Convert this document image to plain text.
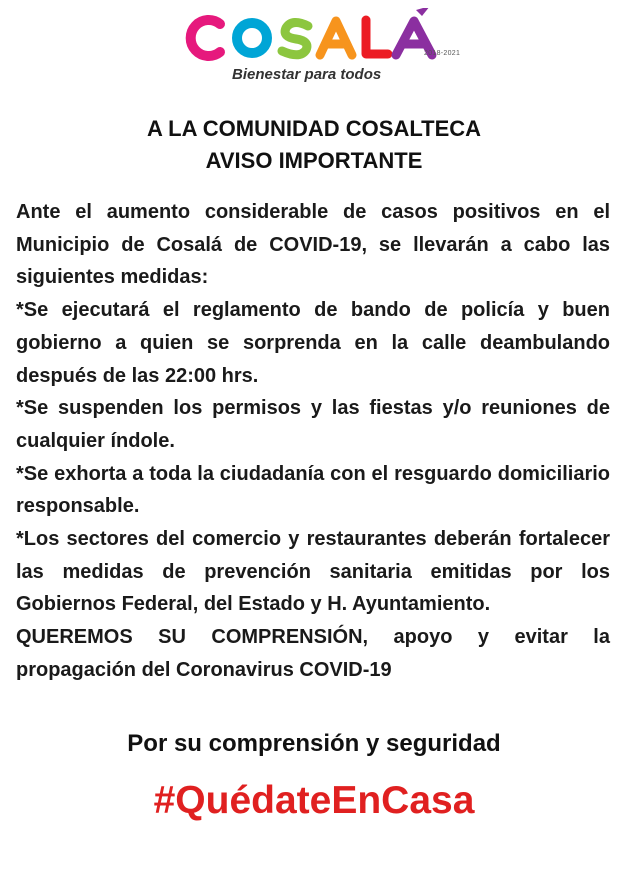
2018-2021
Bienestar para todos
A LA COMUNIDAD COSALTECA
AVISO IMPORTANTE

Ante el aumento considerable de casos positivos en el Municipio de Cosalá de COVID-19, se llevarán a cabo las siguientes medidas:

*Se ejecutará el reglamento de bando de policía y buen gobierno a quien se sorprenda en la calle deambulando después de las 22:00 hrs.

*Se suspenden los permisos y las fiestas y/o reuniones de cualquier índole.

*Se exhorta a toda la ciudadanía con el resguardo domiciliario responsable.

*Los sectores del comercio y restaurantes deberán fortalecer las medidas de prevención sanitaria emitidas por los Gobiernos Federal, del Estado y H. Ayuntamiento.

QUEREMOS SU COMPRENSIÓN, apoyo y evitar la propagación del Coronavirus COVID-19

Por su comprensión y seguridad

#QuédateEnCasa
